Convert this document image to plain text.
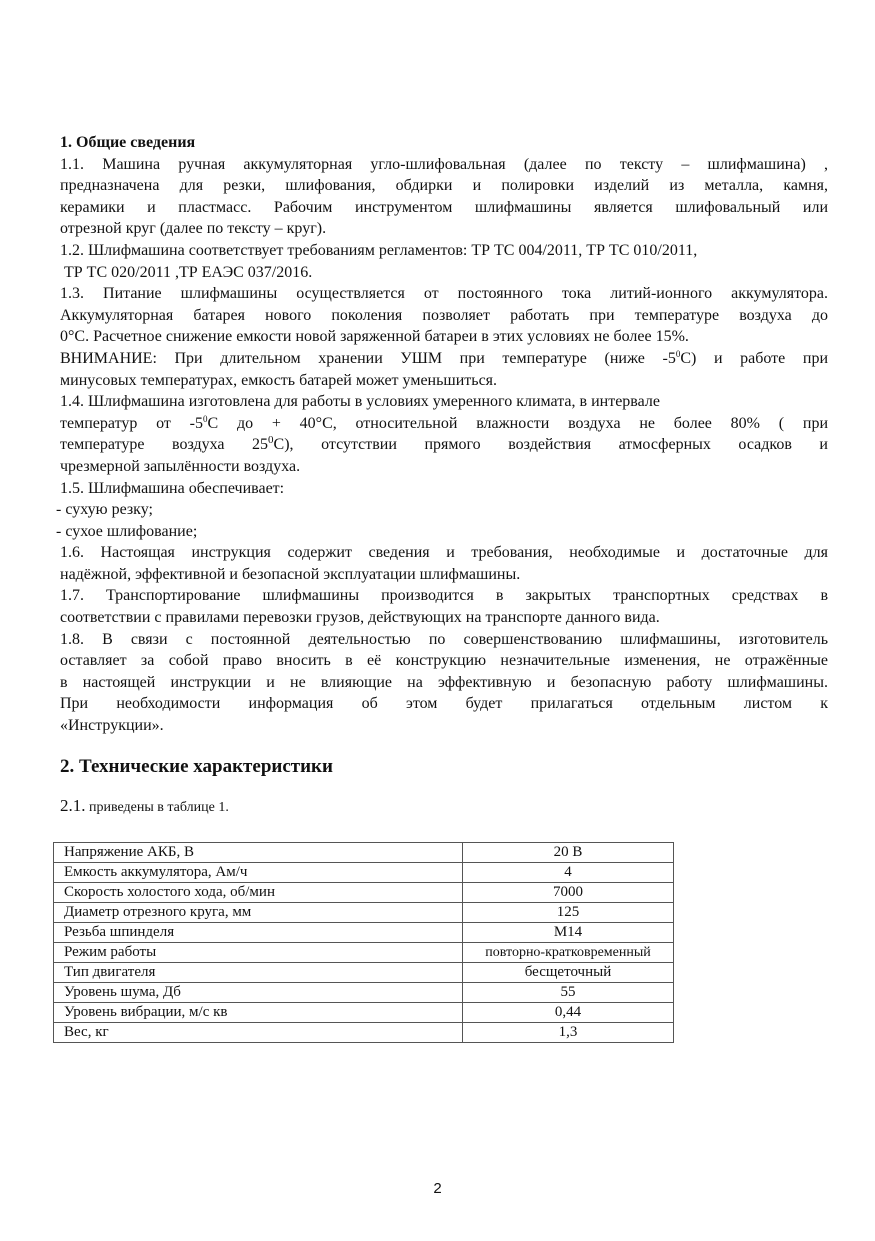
1. Общие сведения
1.1. Машина ручная аккумуляторная угло-шлифовальная (далее по тексту – шлифмашина) ,
предназначена для резки, шлифования, обдирки и полировки изделий из металла, камня,
керамики и пластмасс. Рабочим инструментом шлифмашины является шлифовальный или
отрезной круг (далее по тексту – круг).
1.2. Шлифмашина соответствует требованиям регламентов: ТР ТС 004/2011, ТР ТС 010/2011,
ТР ТС 020/2011 ,ТР ЕАЭС 037/2016.
1.3. Питание шлифмашины осуществляется от постоянного тока литий-ионного аккумулятора.
Аккумуляторная батарея нового поколения позволяет работать при температуре воздуха до
0°С. Расчетное снижение емкости новой заряженной батареи в этих условиях не более 15%.
ВНИМАНИЕ: При длительном хранении УШМ при температуре (ниже $-5^0С$) и работе при
минусовых температурах, емкость батарей может уменьшиться.
1.4. Шлифмашина изготовлена для работы в условиях умеренного климата, в интервале
температур от $-5^0С$ до + 40°С, относительной влажности воздуха не более 80% ( при
температуре воздуха $25^0С$), отсутствии прямого воздействия атмосферных осадков и
чрезмерной запылённости воздуха.
1.5. Шлифмашина обеспечивает:
- сухую резку;
- сухое шлифование;
1.6. Настоящая инструкция содержит сведения и требования, необходимые и достаточные для
надёжной, эффективной и безопасной эксплуатации шлифмашины.
1.7. Транспортирование шлифмашины производится в закрытых транспортных средствах в
соответствии с правилами перевозки грузов, действующих на транспорте данного вида.
1.8. В связи с постоянной деятельностью по совершенствованию шлифмашины, изготовитель
оставляет за собой право вносить в её конструкцию незначительные изменения, не отражённые
в настоящей инструкции и не влияющие на эффективную и безопасную работу шлифмашины.
При необходимости информация об этом будет прилагаться отдельным листом к
«Инструкции».
2. Технические характеристики
2.1. приведены в таблице 1.
Напряжение АКБ, В	20 В
Емкость аккумулятора, Ам/ч	4
Скорость холостого хода, об/мин	7000
Диаметр отрезного круга, мм	125
Резьба шпинделя	М14
Режим работы	повторно-кратковременный
Тип двигателя	бесщеточный
Уровень шума, Дб	55
Уровень вибрации, м/с кв	0,44
Вес, кг	1,3
2
